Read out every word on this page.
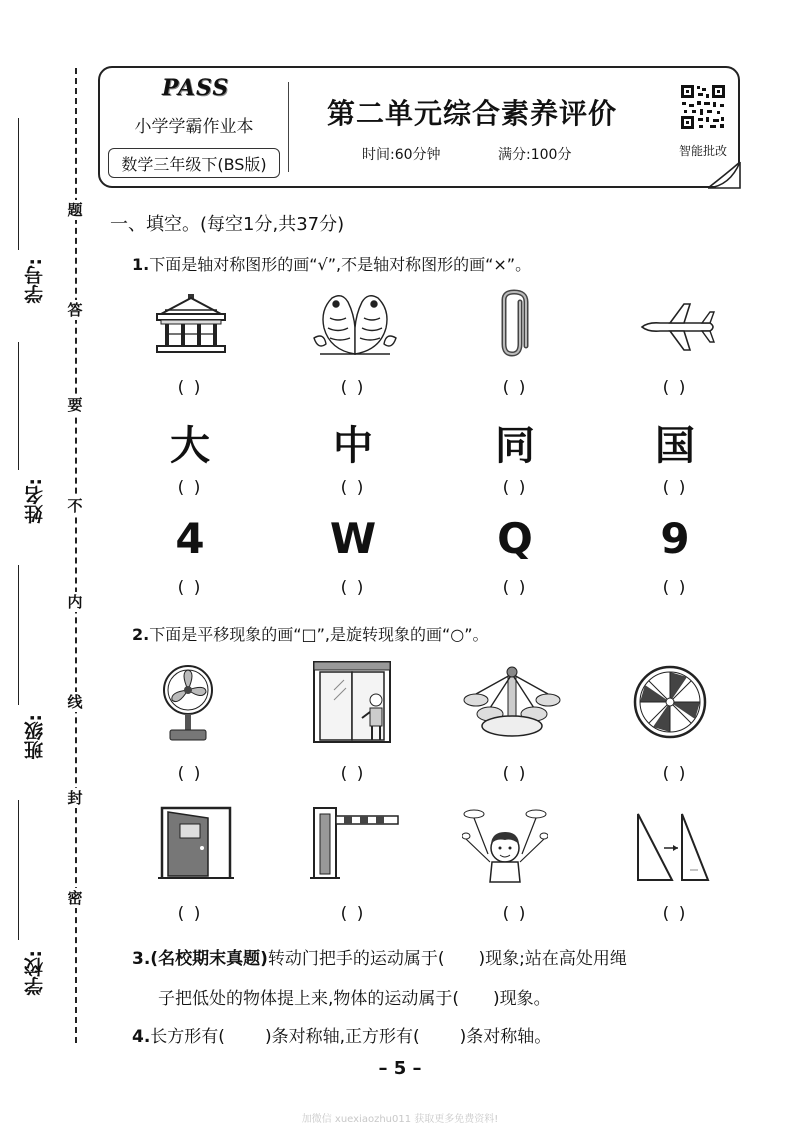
题
答
要
不
内
线
封
密
学号:
姓名:
班级:
学校:
PASS
小学学霸作业本
数学三年级下(BS版)
第二单元综合素养评价
时间:60分钟	满分:100分	智能批改
一、填空。(每空1分,共37分)
1.下面是轴对称图形的画“√”,不是轴对称图形的画“×”。
( )	( )	( )	( )
大	中	同	国
( )	( )	( )	( )
4	W	Q	9
( )	( )	( )	( )
2.下面是平移现象的画“□”,是旋转现象的画“○”。
( )	( )	( )	( )
( )	( )	( )	( )
3.(名校期末真题)转动门把手的运动属于( )现象;站在高处用绳
子把低处的物体提上来,物体的运动属于( )现象。
4.长方形有( )条对称轴,正方形有( )条对称轴。
– 5 –
加微信 xuexiaozhu011 获取更多免费资料!
